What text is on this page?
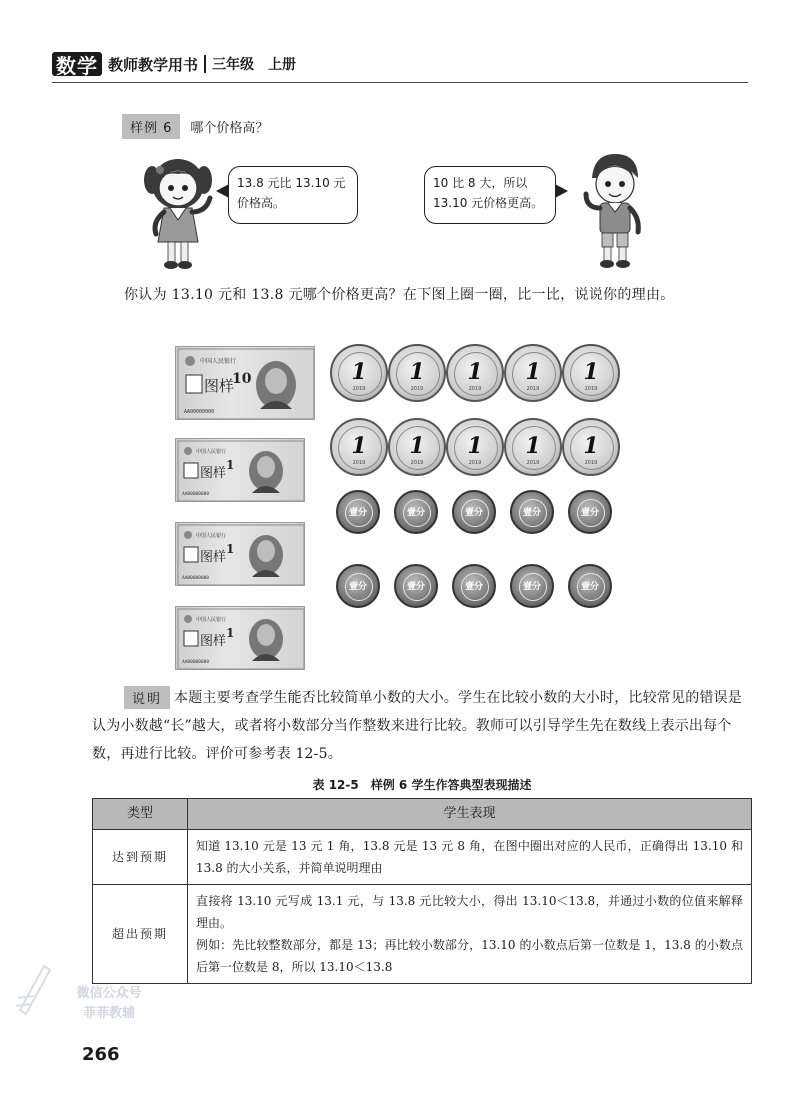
数学 教师教学用书 三年级　上册
样例 6	哪个价格高？
13.8 元比 13.10 元价格高。
10 比 8 大，所以13.10 元价格更高。
你认为 13.10 元和 13.8 元哪个价格更高？在下图上圈一圈，比一比，说说你的理由。
中国人民银行
图样
10
AA00000000
中国人民银行
图样
1
AA00000000
中国人民银行
图样
1
AA00000000
中国人民银行
图样
1
AA00000000
1
2019
1
2019
1
2019
1
2019
1
2019
1
2019
1
2019
1
2019
1
2019
1
2019
壹分	壹分	壹分	壹分	壹分
壹分	壹分	壹分	壹分	壹分
本题主要考查学生能否比较简单小数的大小。学生在比较小数的大小时，比较常见的错误是认为小数越“长”越大，或者将小数部分当作整数来进行比较。教师可以引导学生先在数线上表示出每个数，再进行比较。评价可参考表 12-5。
说明
表 12-5　样例 6 学生作答典型表现描述
类型	学生表现
达到预期	知道 13.10 元是 13 元 1 角，13.8 元是 13 元 8 角，在图中圈出对应的人民币，正确得出 13.10 和 13.8 的大小关系，并简单说明理由
超出预期	直接将 13.10 元写成 13.1 元，与 13.8 元比较大小，得出 13.10＜13.8，并通过小数的位值来解释理由。
例如：先比较整数部分，都是 13；再比较小数部分，13.10 的小数点后第一位数是 1，13.8 的小数点后第一位数是 8，所以 13.10＜13.8
微信公众号
菲菲教辅
266
